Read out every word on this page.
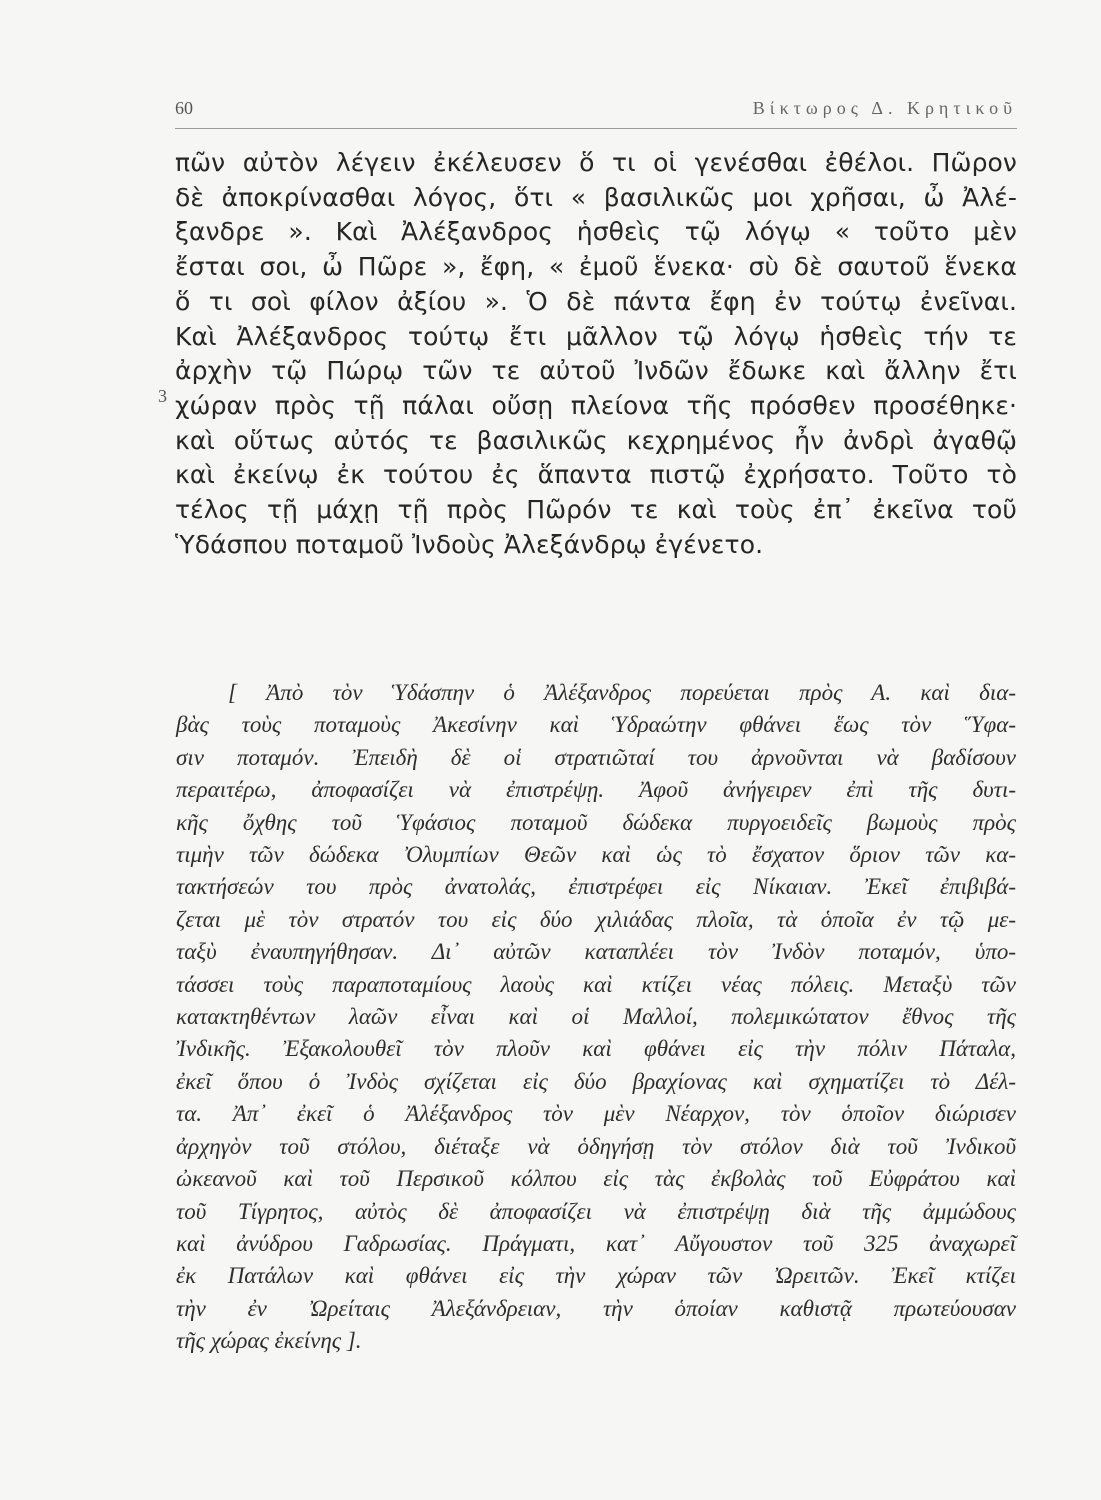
60	Βίκτωρος Δ. Κρητικοῦ
3
πῶν αὐτὸν λέγειν ἐκέλευσεν ὅ τι οἱ γενέσθαι ἐθέλοι. Πῶρον
δὲ ἀποκρίνασθαι λόγος, ὅτι « βασιλικῶς μοι χρῆσαι, ὦ Ἀλέ-
ξανδρε ». Καὶ Ἀλέξανδρος ἡσθεὶς τῷ λόγῳ « τοῦτο μὲν
ἔσται σοι, ὦ Πῶρε », ἔφη, « ἐμοῦ ἕνεκα· σὺ δὲ σαυτοῦ ἕνεκα
ὅ τι σοὶ φίλον ἀξίου ». Ὁ δὲ πάντα ἔφη ἐν τούτῳ ἐνεῖναι.
Καὶ Ἀλέξανδρος τούτῳ ἔτι μᾶλλον τῷ λόγῳ ἡσθεὶς τήν τε
ἀρχὴν τῷ Πώρῳ τῶν τε αὐτοῦ Ἰνδῶν ἔδωκε καὶ ἄλλην ἔτι
χώραν πρὸς τῇ πάλαι οὔσῃ πλείονα τῆς πρόσθεν προσέθηκε·
καὶ οὕτως αὐτός τε βασιλικῶς κεχρημένος ἦν ἀνδρὶ ἀγαθῷ
καὶ ἐκείνῳ ἐκ τούτου ἐς ἅπαντα πιστῷ ἐχρήσατο. Τοῦτο τὸ
τέλος τῇ μάχῃ τῇ πρὸς Πῶρόν τε καὶ τοὺς ἐπ᾽ ἐκεῖνα τοῦ
Ὑδάσπου ποταμοῦ Ἰνδοὺς Ἀλεξάνδρῳ ἐγένετο.
[ Ἀπὸ τὸν Ὑδάσπην ὁ Ἀλέξανδρος πορεύεται πρὸς Α. καὶ δια-
βὰς τοὺς ποταμοὺς Ἀκεσίνην καὶ Ὑδραώτην φθάνει ἕως τὸν Ὕφα-
σιν ποταμόν. Ἐπειδὴ δὲ οἱ στρατιῶταί του ἀρνοῦνται νὰ βαδίσουν
περαιτέρω, ἀποφασίζει νὰ ἐπιστρέψῃ. Ἀφοῦ ἀνήγειρεν ἐπὶ τῆς δυτι-
κῆς ὄχθης τοῦ Ὑφάσιος ποταμοῦ δώδεκα πυργοειδεῖς βωμοὺς πρὸς
τιμὴν τῶν δώδεκα Ὀλυμπίων Θεῶν καὶ ὡς τὸ ἔσχατον ὅριον τῶν κα-
τακτήσεών του πρὸς ἀνατολάς, ἐπιστρέφει εἰς Νίκαιαν. Ἐκεῖ ἐπιβιβά-
ζεται μὲ τὸν στρατόν του εἰς δύο χιλιάδας πλοῖα, τὰ ὁποῖα ἐν τῷ με-
ταξὺ ἐναυπηγήθησαν. Δι᾽ αὐτῶν καταπλέει τὸν Ἰνδὸν ποταμόν, ὑπο-
τάσσει τοὺς παραποταμίους λαοὺς καὶ κτίζει νέας πόλεις. Μεταξὺ τῶν
κατακτηθέντων λαῶν εἶναι καὶ οἱ Μαλλοί, πολεμικώτατον ἔθνος τῆς
Ἰνδικῆς. Ἐξακολουθεῖ τὸν πλοῦν καὶ φθάνει εἰς τὴν πόλιν Πάταλα,
ἐκεῖ ὅπου ὁ Ἰνδὸς σχίζεται εἰς δύο βραχίονας καὶ σχηματίζει τὸ Δέλ-
τα. Ἀπ᾽ ἐκεῖ ὁ Ἀλέξανδρος τὸν μὲν Νέαρχον, τὸν ὁποῖον διώρισεν
ἀρχηγὸν τοῦ στόλου, διέταξε νὰ ὁδηγήσῃ τὸν στόλον διὰ τοῦ Ἰνδικοῦ
ὠκεανοῦ καὶ τοῦ Περσικοῦ κόλπου εἰς τὰς ἐκβολὰς τοῦ Εὐφράτου καὶ
τοῦ Τίγρητος, αὐτὸς δὲ ἀποφασίζει νὰ ἐπιστρέψῃ διὰ τῆς ἀμμώδους
καὶ ἀνύδρου Γαδρωσίας. Πράγματι, κατ᾽ Αὔγουστον τοῦ 325 ἀναχωρεῖ
ἐκ Πατάλων καὶ φθάνει εἰς τὴν χώραν τῶν Ὠρειτῶν. Ἐκεῖ κτίζει
τὴν ἐν Ὠρείταις Ἀλεξάνδρειαν, τὴν ὁποίαν καθιστᾷ πρωτεύουσαν
τῆς χώρας ἐκείνης ].
